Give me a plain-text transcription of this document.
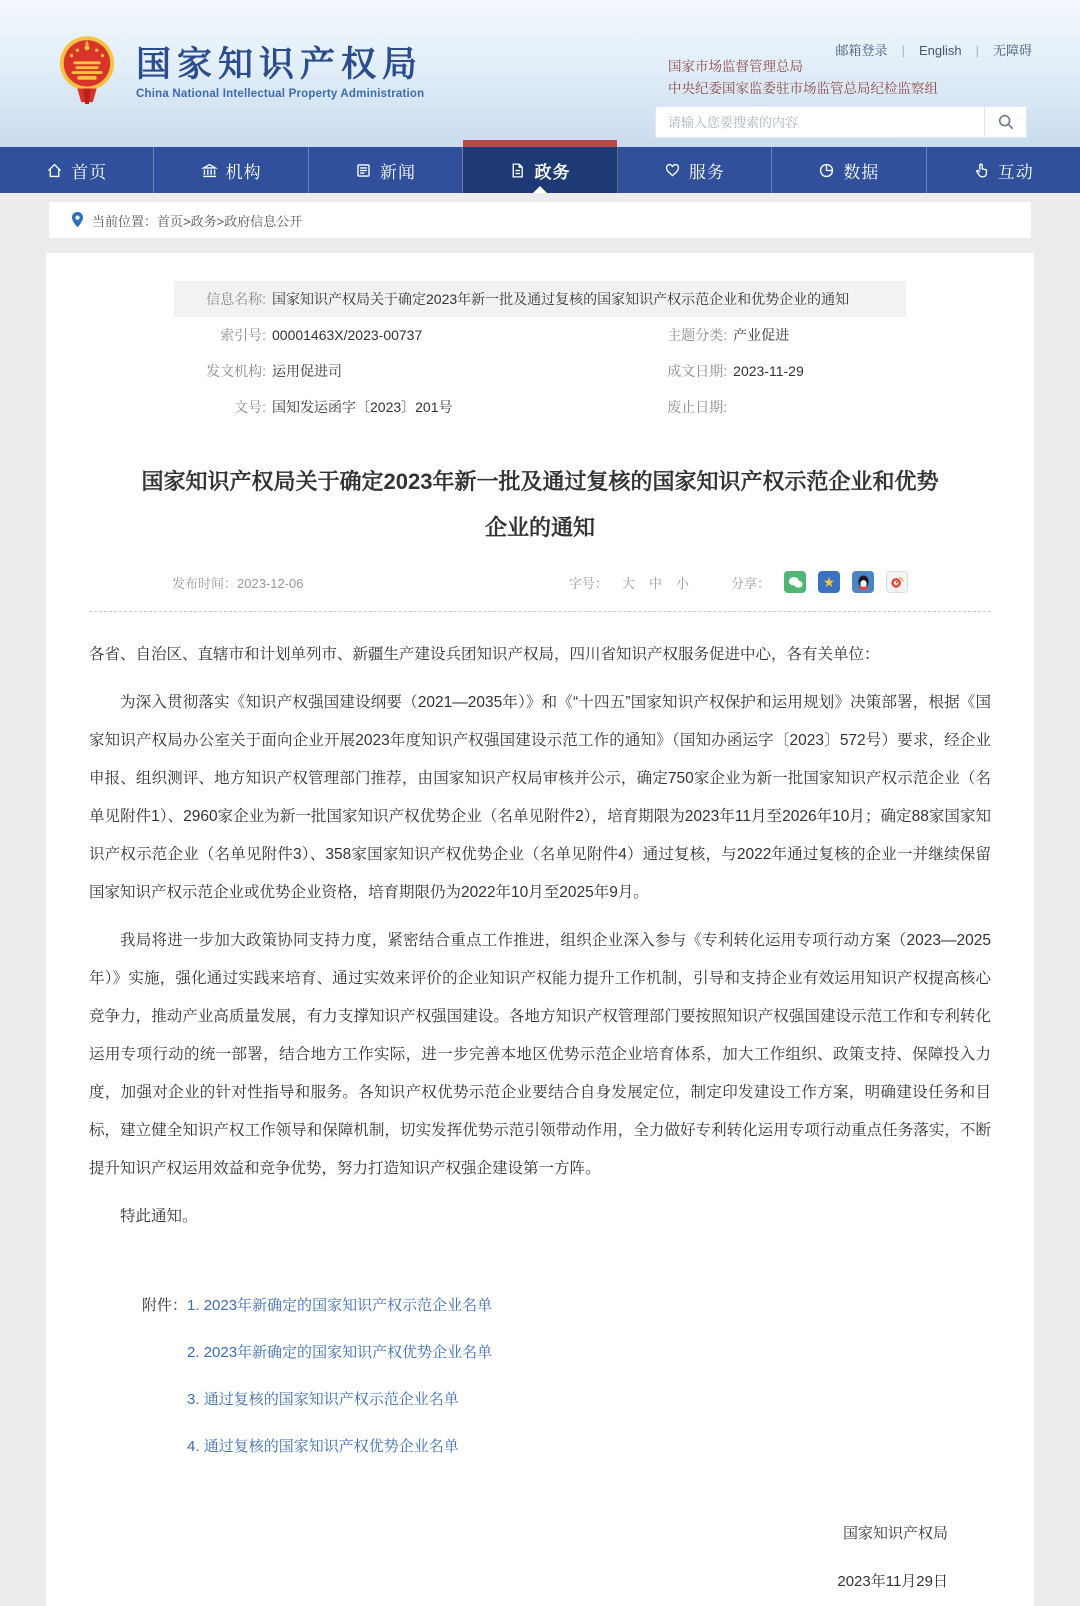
国家知识产权局
China National Intellectual Property Administration
邮箱登录 | English | 无障碍
国家市场监督管理总局
中央纪委国家监委驻市场监管总局纪检监察组
请输入您要搜索的内容
首页	机构	新闻	政务	服务	数据	互动
当前位置： 首页>政务>政府信息公开
信息名称: 国家知识产权局关于确定2023年新一批及通过复核的国家知识产权示范企业和优势企业的通知
索引号: 00001463X/2023-00737	主题分类: 产业促进
发文机构: 运用促进司	成文日期: 2023-11-29
文号: 国知发运函字〔2023〕201号	废止日期:
国家知识产权局关于确定2023年新一批及通过复核的国家知识产权示范企业和优势企业的通知
发布时间：2023-12-06	字号： 大 中 小	分享：	★

各省、自治区、直辖市和计划单列市、新疆生产建设兵团知识产权局，四川省知识产权服务促进中心，各有关单位：

为深入贯彻落实《知识产权强国建设纲要（2021—2035年）》和《“十四五”国家知识产权保护和运用规划》决策部署，根据《国家知识产权局办公室关于面向企业开展2023年度知识产权强国建设示范工作的通知》（国知办函运字〔2023〕572号）要求，经企业申报、组织测评、地方知识产权管理部门推荐，由国家知识产权局审核并公示，确定750家企业为新一批国家知识产权示范企业（名单见附件1）、2960家企业为新一批国家知识产权优势企业（名单见附件2），培育期限为2023年11月至2026年10月；确定88家国家知识产权示范企业（名单见附件3）、358家国家知识产权优势企业（名单见附件4）通过复核，与2022年通过复核的企业一并继续保留国家知识产权示范企业或优势企业资格，培育期限仍为2022年10月至2025年9月。

我局将进一步加大政策协同支持力度，紧密结合重点工作推进，组织企业深入参与《专利转化运用专项行动方案（2023—2025年）》实施，强化通过实践来培育、通过实效来评价的企业知识产权能力提升工作机制，引导和支持企业有效运用知识产权提高核心竞争力，推动产业高质量发展，有力支撑知识产权强国建设。各地方知识产权管理部门要按照知识产权强国建设示范工作和专利转化运用专项行动的统一部署，结合地方工作实际，进一步完善本地区优势示范企业培育体系，加大工作组织、政策支持、保障投入力度，加强对企业的针对性指导和服务。各知识产权优势示范企业要结合自身发展定位，制定印发建设工作方案，明确建设任务和目标，建立健全知识产权工作领导和保障机制，切实发挥优势示范引领带动作用，全力做好专利转化运用专项行动重点任务落实，不断提升知识产权运用效益和竞争优势，努力打造知识产权强企建设第一方阵。

特此通知。

附件： 1. 2023年新确定的国家知识产权示范企业名单
2. 2023年新确定的国家知识产权优势企业名单
3. 通过复核的国家知识产权示范企业名单
4. 通过复核的国家知识产权优势企业名单
国家知识产权局
2023年11月29日
